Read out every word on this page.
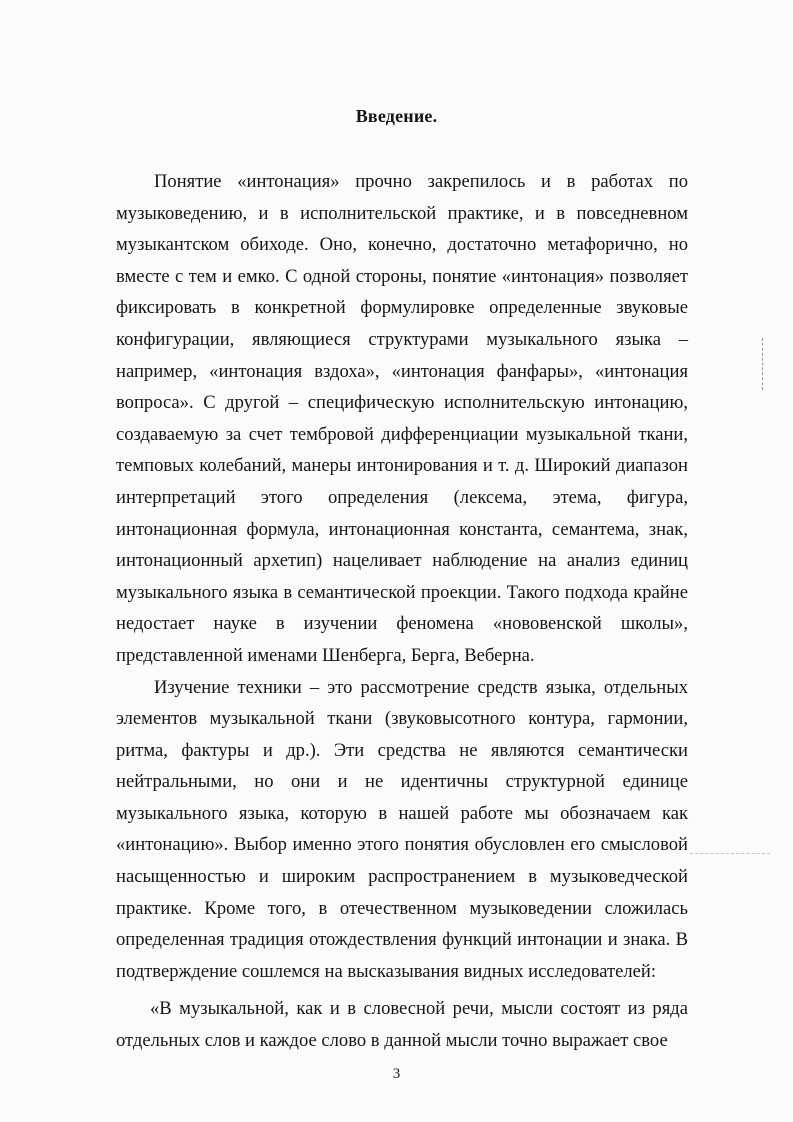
Введение.

Понятие «интонация» прочно закрепилось и в работах по музыковедению, и в исполнительской практике, и в повседневном музыкантском обиходе. Оно, конечно, достаточно метафорично, но вместе с тем и емко. С одной стороны, понятие «интонация» позволяет фиксировать в конкретной формулировке определенные звуковые конфигурации, являющиеся структурами музыкального языка – например, «интонация вздоха», «интонация фанфары», «интонация вопроса». С другой – специфическую исполнительскую интонацию, создаваемую за счет тембровой дифференциации музыкальной ткани, темповых колебаний, манеры интонирования и т. д. Широкий диапазон интерпретаций этого определения (лексема, этема, фигура, интонационная формула, интонационная константа, семантема, знак, интонационный архетип) нацеливает наблюдение на анализ единиц музыкального языка в семантической проекции. Такого подхода крайне недостает науке в изучении феномена «нововенской школы», представленной именами Шенберга, Берга, Веберна.

Изучение техники – это рассмотрение средств языка, отдельных элементов музыкальной ткани (звуковысотного контура, гармонии, ритма, фактуры и др.). Эти средства не являются семантически нейтральными, но они и не идентичны структурной единице музыкального языка, которую в нашей работе мы обозначаем как «интонацию». Выбор именно этого понятия обусловлен его смысловой насыщенностью и широким распространением в музыковедческой практике. Кроме того, в отечественном музыковедении сложилась определенная традиция отождествления функций интонации и знака. В подтверждение сошлемся на высказывания видных исследователей:

«В музыкальной, как и в словесной речи, мысли состоят из ряда отдельных слов и каждое слово в данной мысли точно выражает свое

3
